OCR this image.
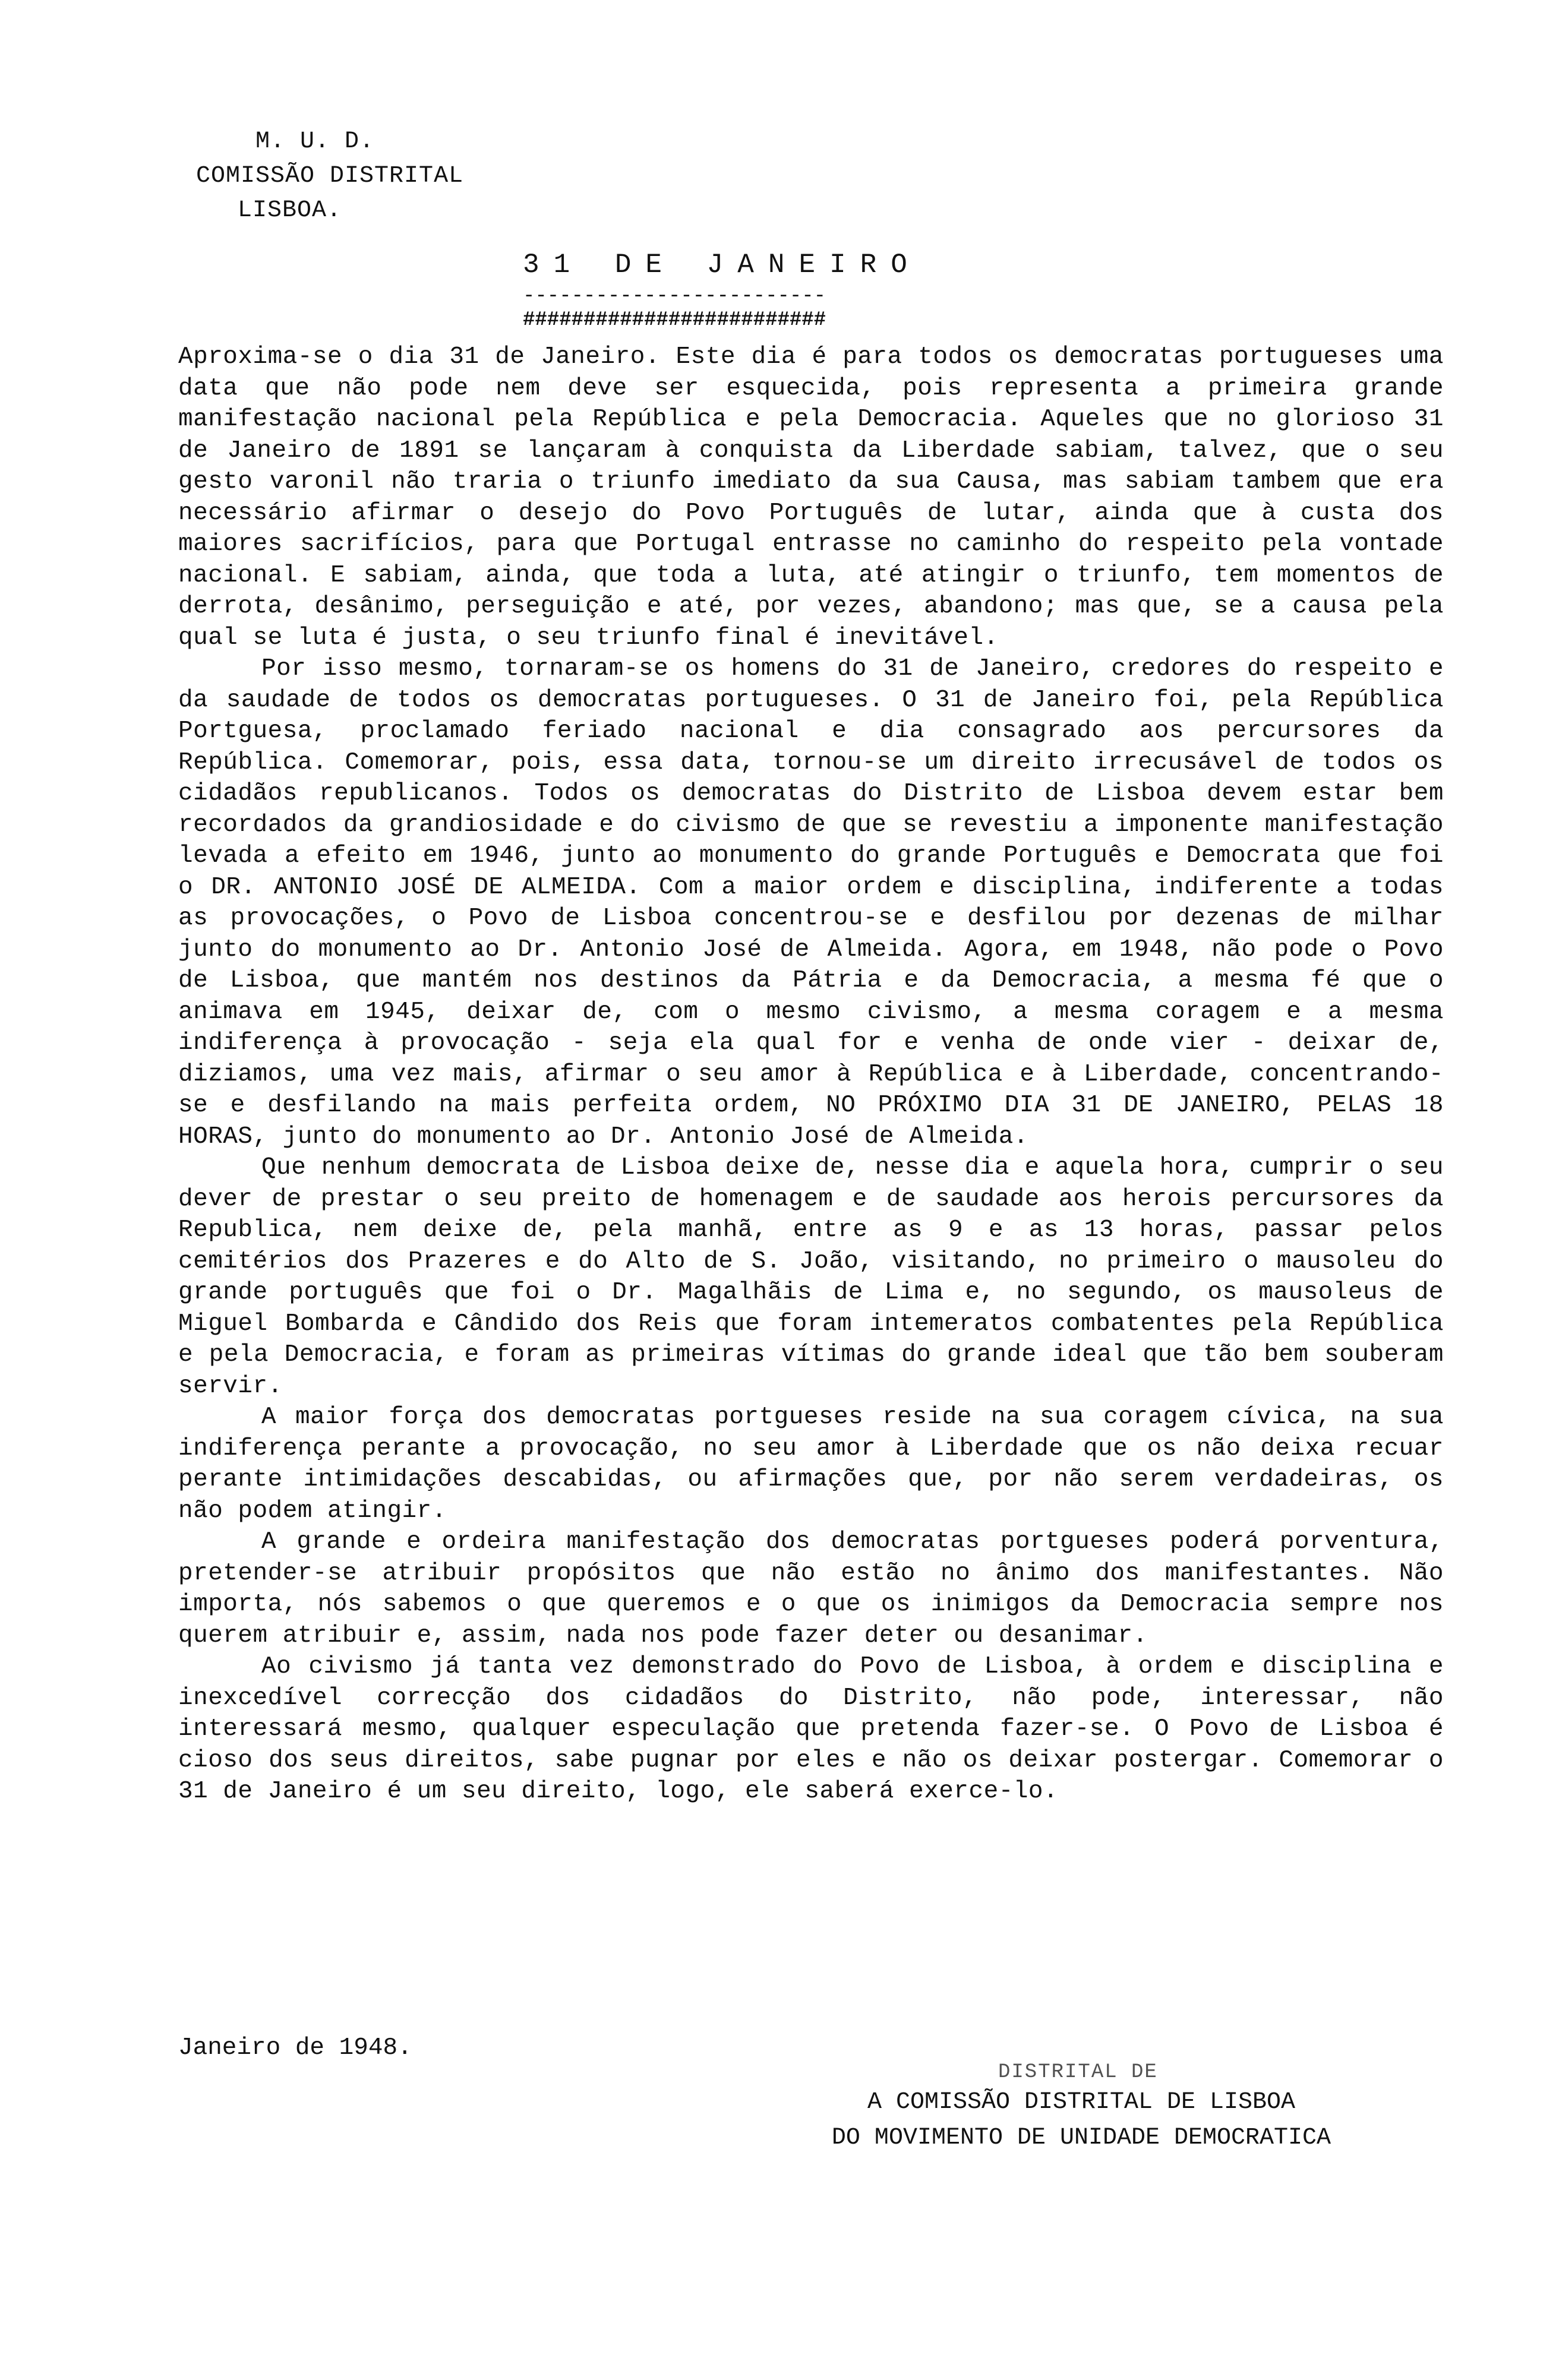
M. U. D.
COMISSÃO DISTRITAL
LISBOA.
31 DE JANEIRO
-------------------------
#########################

Aproxima-se o dia 31 de Janeiro. Este dia é para todos os democratas portugueses uma data que não pode nem deve ser esquecida, pois representa a primeira grande manifestação nacional pela República e pela Democracia. Aqueles que no glorioso 31 de Janeiro de 1891 se lançaram à conquista da Liberdade sabiam, talvez, que o seu gesto varonil não traria o triunfo imediato da sua Causa, mas sabiam tambem que era necessário afirmar o desejo do Povo Português de lutar, ainda que à custa dos maiores sacrifícios, para que Portugal entrasse no caminho do respeito pela vontade nacional. E sabiam, ainda, que toda a luta, até atingir o triunfo, tem momentos de derrota, desânimo, perseguição e até, por vezes, abandono; mas que, se a causa pela qual se luta é justa, o seu triunfo final é inevitável.

Por isso mesmo, tornaram-se os homens do 31 de Janeiro, credores do respeito e da saudade de todos os democratas portugueses. O 31 de Janeiro foi, pela República Portguesa, proclamado feriado nacional e dia consagrado aos percursores da República. Comemorar, pois, essa data, tornou-se um direito irrecusável de todos os cidadãos republicanos. Todos os democratas do Distrito de Lisboa devem estar bem recordados da grandiosidade e do civismo de que se revestiu a imponente manifestação levada a efeito em 1946, junto ao monumento do grande Português e Democrata que foi o DR. ANTONIO JOSÉ DE ALMEIDA. Com a maior ordem e disciplina, indiferente a todas as provocações, o Povo de Lisboa concentrou-se e desfilou por dezenas de milhar junto do monumento ao Dr. Antonio José de Almeida. Agora, em 1948, não pode o Povo de Lisboa, que mantém nos destinos da Pátria e da Democracia, a mesma fé que o animava em 1945, deixar de, com o mesmo civismo, a mesma coragem e a mesma indiferença à provocação - seja ela qual for e venha de onde vier - deixar de, diziamos, uma vez mais, afirmar o seu amor à República e à Liberdade, concentrando-se e desfilando na mais perfeita ordem, NO PRÓXIMO DIA 31 DE JANEIRO, PELAS 18 HORAS, junto do monumento ao Dr. Antonio José de Almeida.

Que nenhum democrata de Lisboa deixe de, nesse dia e aquela hora, cumprir o seu dever de prestar o seu preito de homenagem e de saudade aos herois percursores da Republica, nem deixe de, pela manhã, entre as 9 e as 13 horas, passar pelos cemitérios dos Prazeres e do Alto de S. João, visitando, no primeiro o mausoleu do grande português que foi o Dr. Magalhãis de Lima e, no segundo, os mausoleus de Miguel Bombarda e Cândido dos Reis que foram intemeratos combatentes pela República e pela Democracia, e foram as primeiras vítimas do grande ideal que tão bem souberam servir.

A maior força dos democratas portgueses reside na sua coragem cívica, na sua indiferença perante a provocação, no seu amor à Liberdade que os não deixa recuar perante intimidações descabidas, ou afirmações que, por não serem verdadeiras, os não podem atingir.

A grande e ordeira manifestação dos democratas portgueses poderá porventura, pretender-se atribuir propósitos que não estão no ânimo dos manifestantes. Não importa, nós sabemos o que queremos e o que os inimigos da Democracia sempre nos querem atribuir e, assim, nada nos pode fazer deter ou desanimar.

Ao civismo já tanta vez demonstrado do Povo de Lisboa, à ordem e disciplina e inexcedível correcção dos cidadãos do Distrito, não pode, interessar, não interessará mesmo, qualquer especulação que pretenda fazer-se. O Povo de Lisboa é cioso dos seus direitos, sabe pugnar por eles e não os deixar postergar. Comemorar o 31 de Janeiro é um seu direito, logo, ele saberá exerce-lo.

Janeiro de 1948.
DISTRITAL DE
A COMISSÃO DISTRITAL DE LISBOA
DO MOVIMENTO DE UNIDADE DEMOCRATICA
